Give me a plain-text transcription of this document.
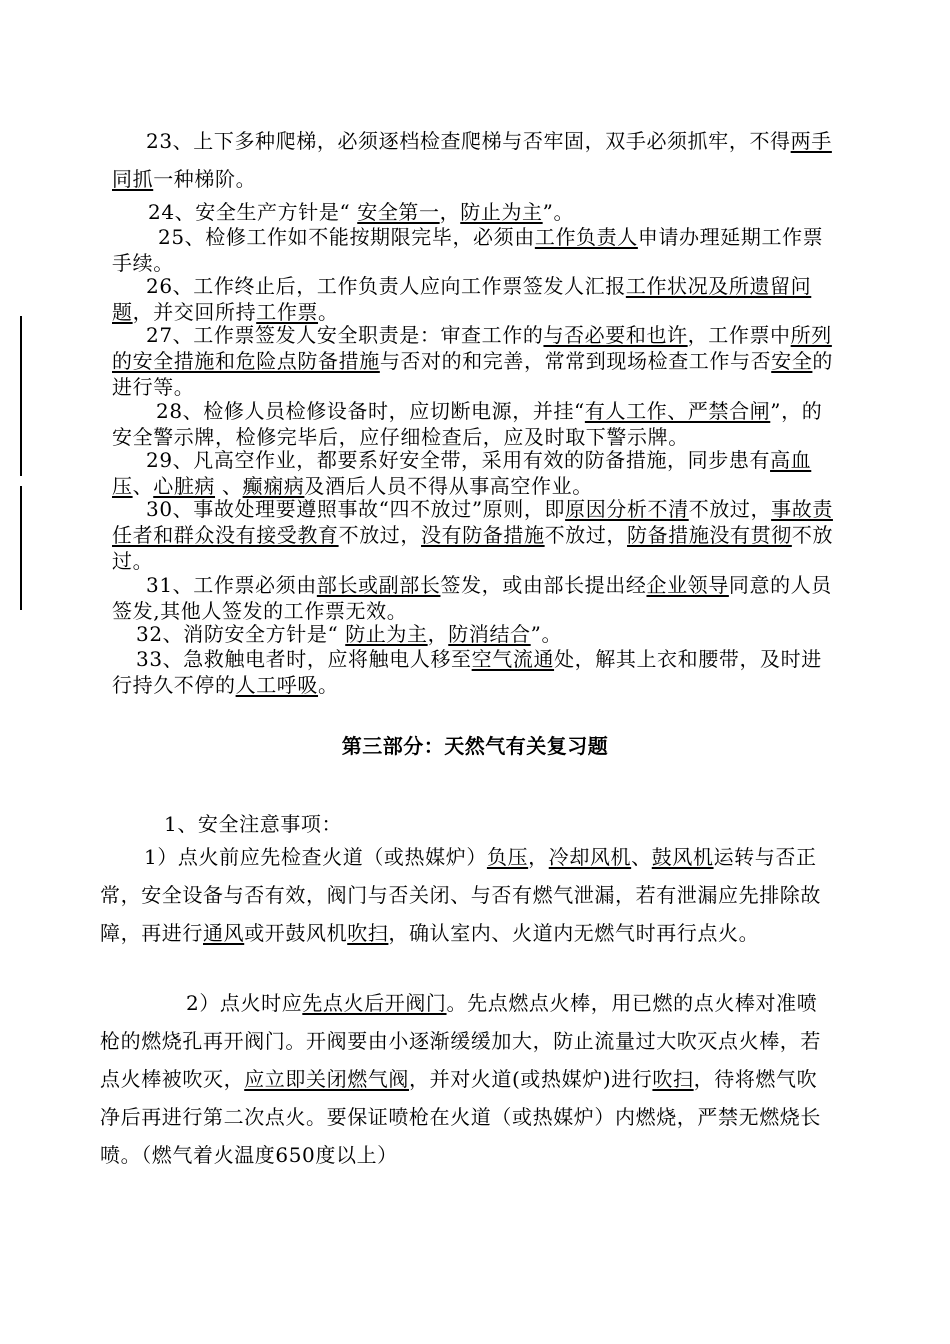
23、上下多种爬梯，必须逐档检查爬梯与否牢固，双手必须抓牢，不得两手同抓一种梯阶。

24、安全生产方针是“ 安全第一，防止为主”。

25、检修工作如不能按期限完毕，必须由工作负责人申请办理延期工作票手续。

26、工作终止后，工作负责人应向工作票签发人汇报工作状况及所遗留问题，并交回所持工作票。

27、工作票签发人安全职责是：审查工作的与否必要和也许，工作票中所列的安全措施和危险点防备措施与否对的和完善，常常到现场检查工作与否安全的进行等。

28、检修人员检修设备时，应切断电源，并挂“有人工作、严禁合闸”，的安全警示牌，检修完毕后，应仔细检查后，应及时取下警示牌。

29、凡高空作业，都要系好安全带，采用有效的防备措施，同步患有高血压、心脏病 、癫痫病及酒后人员不得从事高空作业。

30、事故处理要遵照事故“四不放过”原则，即原因分析不清不放过，事故责任者和群众没有接受教育不放过，没有防备措施不放过，防备措施没有贯彻不放过。

31、工作票必须由部长或副部长签发，或由部长提出经企业领导同意的人员签发,其他人签发的工作票无效。

32、消防安全方针是“ 防止为主，防消结合”。

33、急救触电者时，应将触电人移至空气流通处，解其上衣和腰带，及时进行持久不停的人工呼吸。

第三部分：天然气有关复习题

1、安全注意事项：

1）点火前应先检查火道（或热媒炉）负压，冷却风机、鼓风机运转与否正常，安全设备与否有效，阀门与否关闭、与否有燃气泄漏，若有泄漏应先排除故障，再进行通风或开鼓风机吹扫，确认室内、火道内无燃气时再行点火。

2）点火时应先点火后开阀门。先点燃点火棒，用已燃的点火棒对准喷枪的燃烧孔再开阀门。开阀要由小逐渐缓缓加大，防止流量过大吹灭点火棒，若点火棒被吹灭，应立即关闭燃气阀，并对火道(或热媒炉)进行吹扫，待将燃气吹净后再进行第二次点火。要保证喷枪在火道（或热媒炉）内燃烧，严禁无燃烧长喷。（燃气着火温度650度以上）
